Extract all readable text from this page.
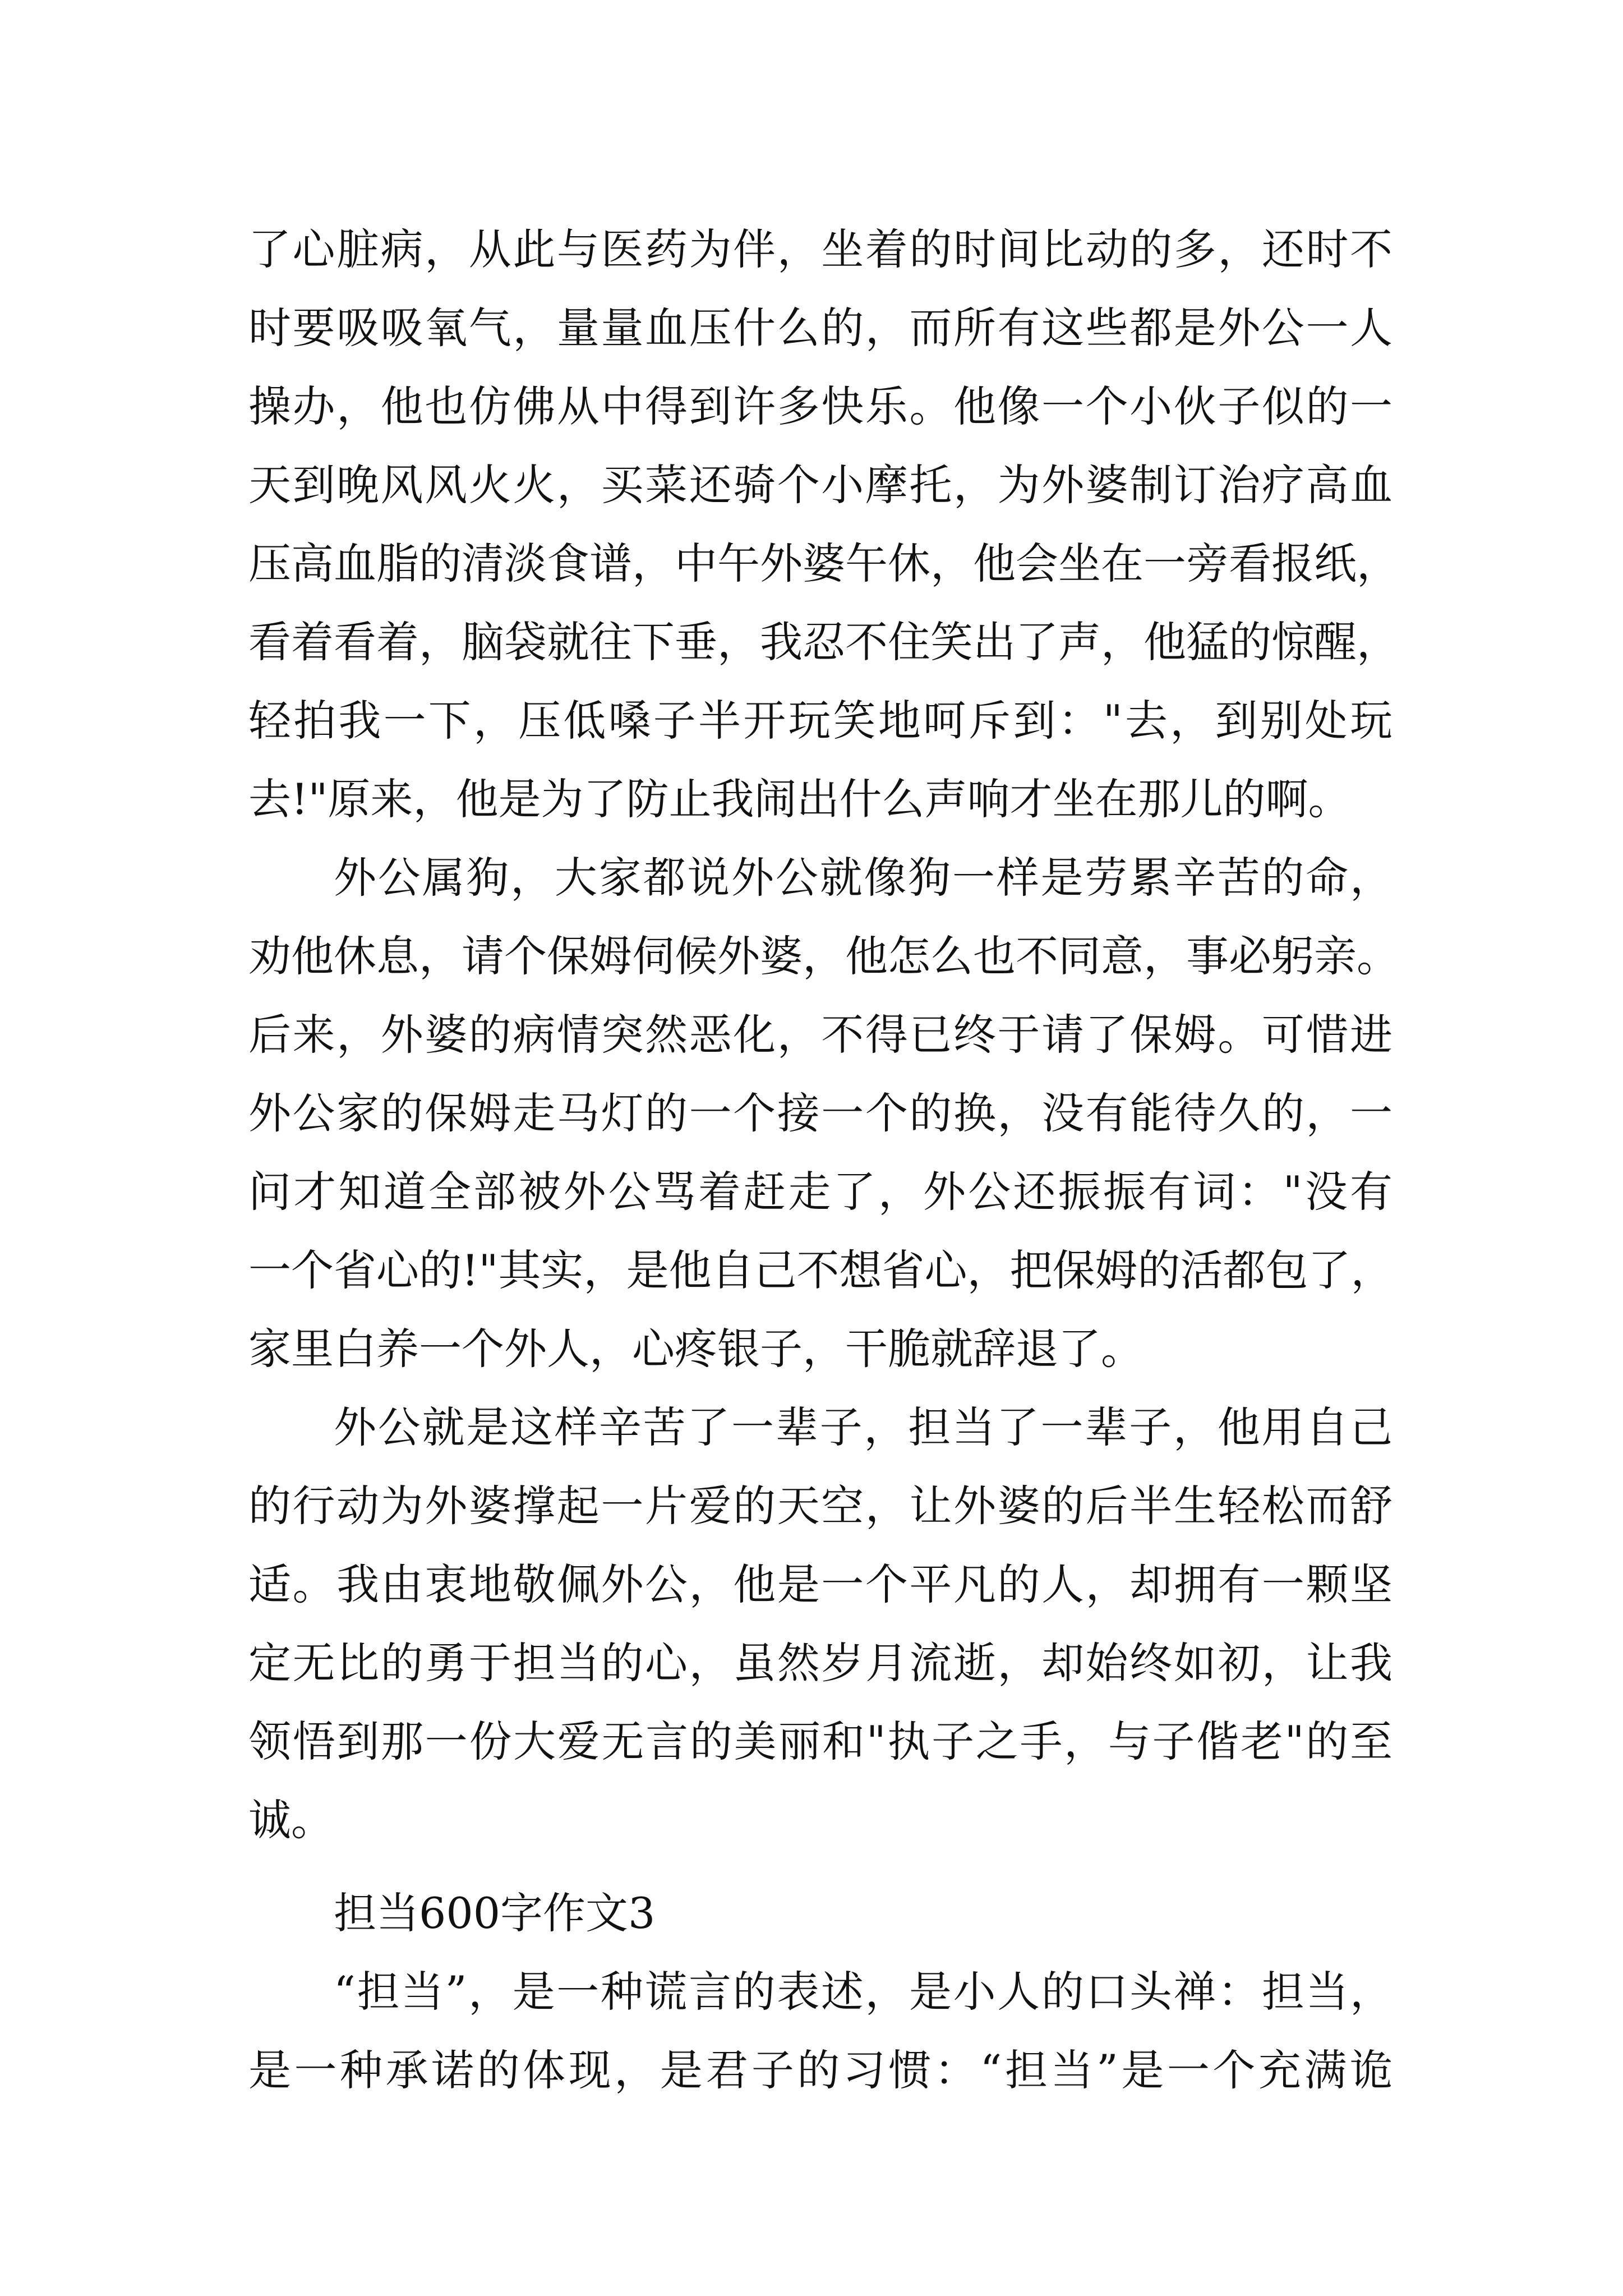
了心脏病，从此与医药为伴，坐着的时间比动的多，还时不
时要吸吸氧气，量量血压什么的，而所有这些都是外公一人
操办，他也仿佛从中得到许多快乐。他像一个小伙子似的一
天到晚风风火火，买菜还骑个小摩托，为外婆制订治疗高血
压高血脂的清淡食谱，中午外婆午休，他会坐在一旁看报纸，
看着看着，脑袋就往下垂，我忍不住笑出了声，他猛的惊醒，
轻拍我一下，压低嗓子半开玩笑地呵斥到："去，到别处玩
去!"原来，他是为了防止我闹出什么声响才坐在那儿的啊。
外公属狗，大家都说外公就像狗一样是劳累辛苦的命，
劝他休息，请个保姆伺候外婆，他怎么也不同意，事必躬亲。
后来，外婆的病情突然恶化，不得已终于请了保姆。可惜进
外公家的保姆走马灯的一个接一个的换，没有能待久的，一
问才知道全部被外公骂着赶走了，外公还振振有词："没有
一个省心的!"其实，是他自己不想省心，把保姆的活都包了，
家里白养一个外人，心疼银子，干脆就辞退了。
外公就是这样辛苦了一辈子，担当了一辈子，他用自己
的行动为外婆撑起一片爱的天空，让外婆的后半生轻松而舒
适。我由衷地敬佩外公，他是一个平凡的人，却拥有一颗坚
定无比的勇于担当的心，虽然岁月流逝，却始终如初，让我
领悟到那一份大爱无言的美丽和"执子之手，与子偕老"的至
诚。
担当600字作文3
“担当”，是一种谎言的表述，是小人的口头禅：担当，
是一种承诺的体现，是君子的习惯：“担当”是一个充满诡
